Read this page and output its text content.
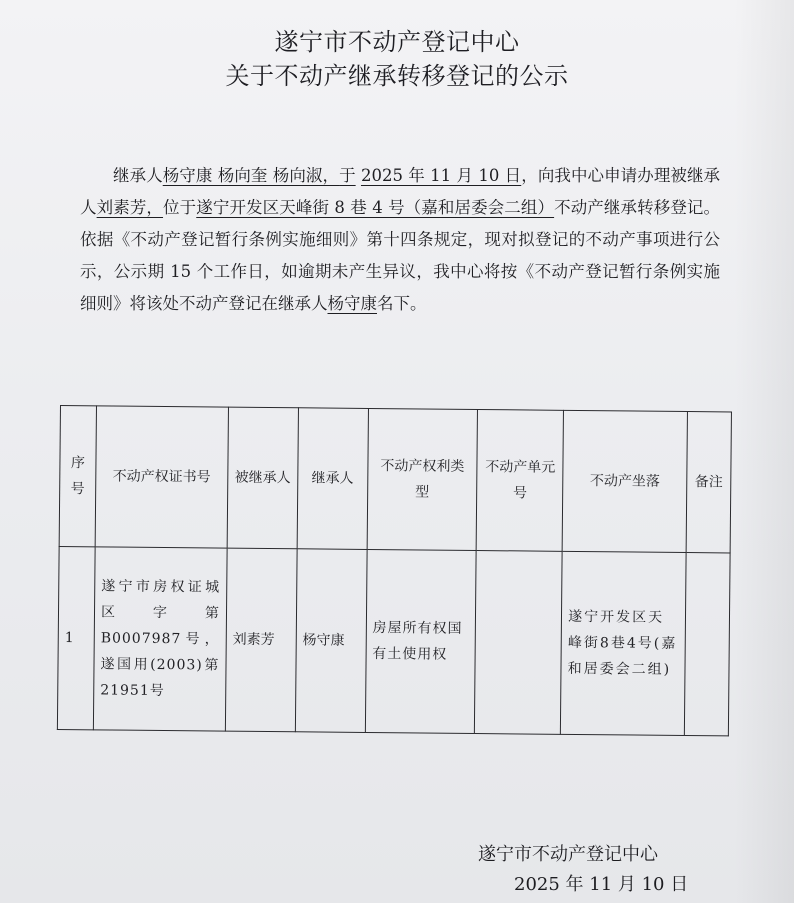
遂宁市不动产登记中心
关于不动产继承转移登记的公示
继承人杨守康 杨向奎 杨向淑，于 2025 年 11 月 10 日，向我中心申请办理被继承人刘素芳，位于遂宁开发区天峰街 8 巷 4 号（嘉和居委会二组）不动产继承转移登记。依据《不动产登记暂行条例实施细则》第十四条规定，现对拟登记的不动产事项进行公示，公示期 15 个工作日，如逾期未产生异议，我中心将按《不动产登记暂行条例实施细则》将该处不动产登记在继承人杨守康名下。
序号	不动产权证书号	被继承人	继承人	不动产权利类型	不动产单元号	不动产坐落	备注
1	遂宁市房权证城区字第B0007987号，遂国用(2003)第21951号	刘素芳	杨守康	房屋所有权国有土使用权		遂宁开发区天峰街8巷4号(嘉和居委会二组)	
遂宁市不动产登记中心
2025 年 11 月 10 日
